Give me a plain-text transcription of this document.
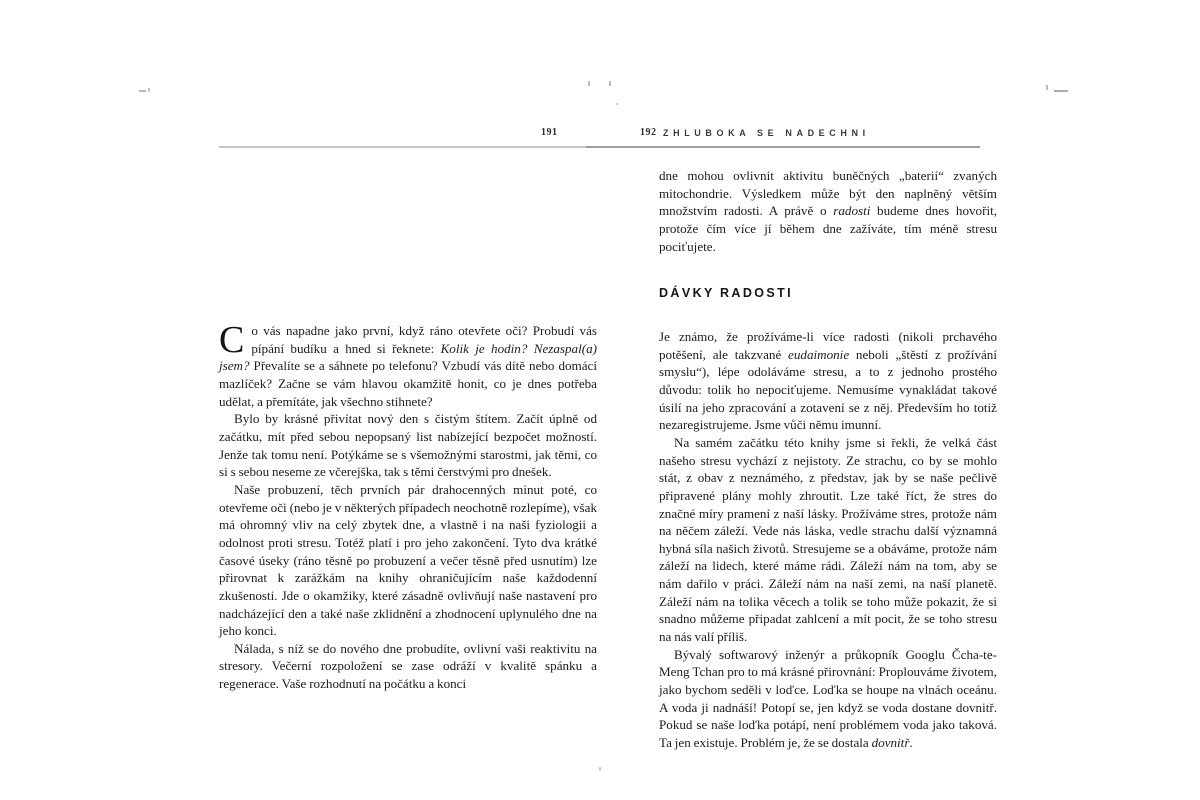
191	192 ZHLUBOKA SE NADECHNI

Co vás napadne jako první, když ráno otevřete oči? Probudí vás pípání budíku a hned si řeknete: Kolik je hodin? Nezaspal(a) jsem? Převalíte se a sáhnete po telefonu? Vzbudí vás dítě nebo domácí mazlíček? Začne se vám hlavou okamžitě honit, co je dnes potřeba udělat, a přemítáte, jak všechno stihnete?

Bylo by krásné přivítat nový den s čistým štítem. Začít úplně od začátku, mít před sebou nepopsaný list nabízející bezpočet možností. Jenže tak tomu není. Potýkáme se s všemožnými starostmi, jak těmi, co si s sebou neseme ze včerejška, tak s těmi čerstvými pro dnešek.

Naše probuzení, těch prvních pár drahocenných minut poté, co otevřeme oči (nebo je v některých případech neochotně rozlepíme), však má ohromný vliv na celý zbytek dne, a vlastně i na naši fyziologii a odolnost proti stresu. Totéž platí i pro jeho zakončení. Tyto dva krátké časové úseky (ráno těsně po probuzení a večer těsně před usnutím) lze přirovnat k zarážkám na knihy ohraničujícím naše každodenní zkušenosti. Jde o okamžiky, které zásadně ovlivňují naše nastavení pro nadcházející den a také naše zklidnění a zhodnocení uplynulého dne na jeho konci.

Nálada, s níž se do nového dne probudíte, ovlivní vaši reaktivitu na stresory. Večerní rozpoložení se zase odráží v kvalitě spánku a regenerace. Vaše rozhodnutí na počátku a konci

dne mohou ovlivnit aktivitu buněčných „baterií“ zvaných mitochondrie. Výsledkem může být den naplněný větším množstvím radosti. A právě o radosti budeme dnes hovořit, protože čím více jí během dne zažíváte, tím méně stresu pociťujete.

DÁVKY RADOSTI

Je známo, že prožíváme-li více radosti (nikoli prchavého potěšení, ale takzvané eudaimonie neboli „štěstí z prožívání smyslu“), lépe odoláváme stresu, a to z jednoho prostého důvodu: tolik ho nepociťujeme. Nemusíme vynakládat takové úsilí na jeho zpracování a zotavení se z něj. Především ho totiž nezaregistrujeme. Jsme vůči němu imunní.

Na samém začátku této knihy jsme si řekli, že velká část našeho stresu vychází z nejistoty. Ze strachu, co by se mohlo stát, z obav z neznámého, z představ, jak by se naše pečlivě připravené plány mohly zhroutit. Lze také říct, že stres do značné míry pramení z naší lásky. Prožíváme stres, protože nám na něčem záleží. Vede nás láska, vedle strachu další významná hybná síla našich životů. Stresujeme se a obáváme, protože nám záleží na lidech, které máme rádi. Záleží nám na tom, aby se nám dařilo v práci. Záleží nám na naší zemi, na naší planetě. Záleží nám na tolika věcech a tolik se toho může pokazit, že si snadno můžeme připadat zahlcení a mít pocit, že se toho stresu na nás valí příliš.

Bývalý softwarový inženýr a průkopník Googlu Čcha-te-Meng Tchan pro to má krásné přirovnání: Proplouváme životem, jako bychom seděli v loďce. Loďka se houpe na vlnách oceánu. A voda ji nadnáší! Potopí se, jen když se voda dostane dovnitř. Pokud se naše loďka potápí, není problémem voda jako taková. Ta jen existuje. Problém je, že se dostala dovnitř.
